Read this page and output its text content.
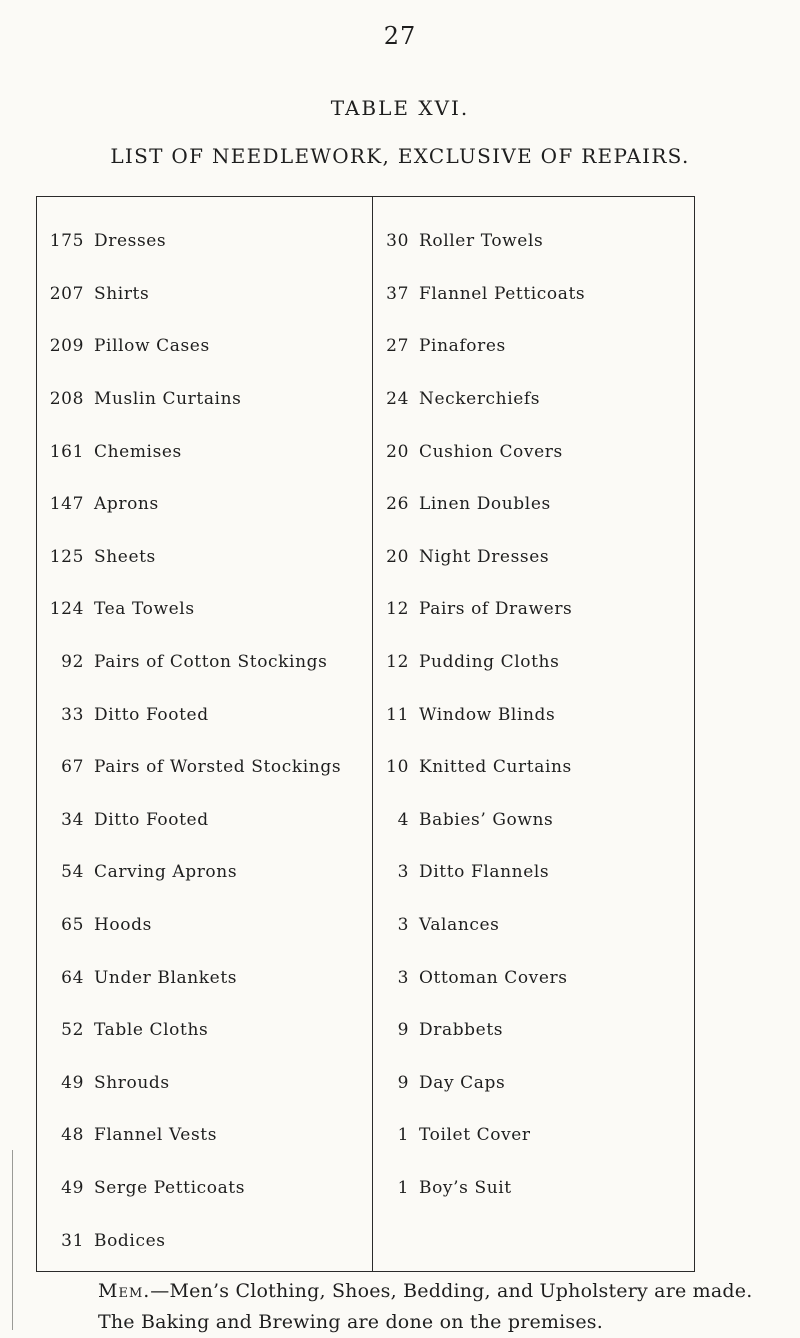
27
TABLE XVI.
LIST OF NEEDLEWORK, EXCLUSIVE OF REPAIRS.
175 Dresses
207 Shirts
209 Pillow Cases
208 Muslin Curtains
161 Chemises
147 Aprons
125 Sheets
124 Tea Towels
92 Pairs of Cotton Stockings
33 Ditto Footed
67 Pairs of Worsted Stockings
34 Ditto Footed
54 Carving Aprons
65 Hoods
64 Under Blankets
52 Table Cloths
49 Shrouds
48 Flannel Vests
49 Serge Petticoats
31 Bodices
30 Roller Towels
37 Flannel Petticoats
27 Pinafores
24 Neckerchiefs
20 Cushion Covers
26 Linen Doubles
20 Night Dresses
12 Pairs of Drawers
12 Pudding Cloths
11 Window Blinds
10 Knitted Curtains
4 Babies’ Gowns
3 Ditto Flannels
3 Valances
3 Ottoman Covers
9 Drabbets
9 Day Caps
1 Toilet Cover
1 Boy’s Suit
Mem.—Men’s Clothing, Shoes, Bedding, and Upholstery are made.
The Baking and Brewing are done on the premises.
